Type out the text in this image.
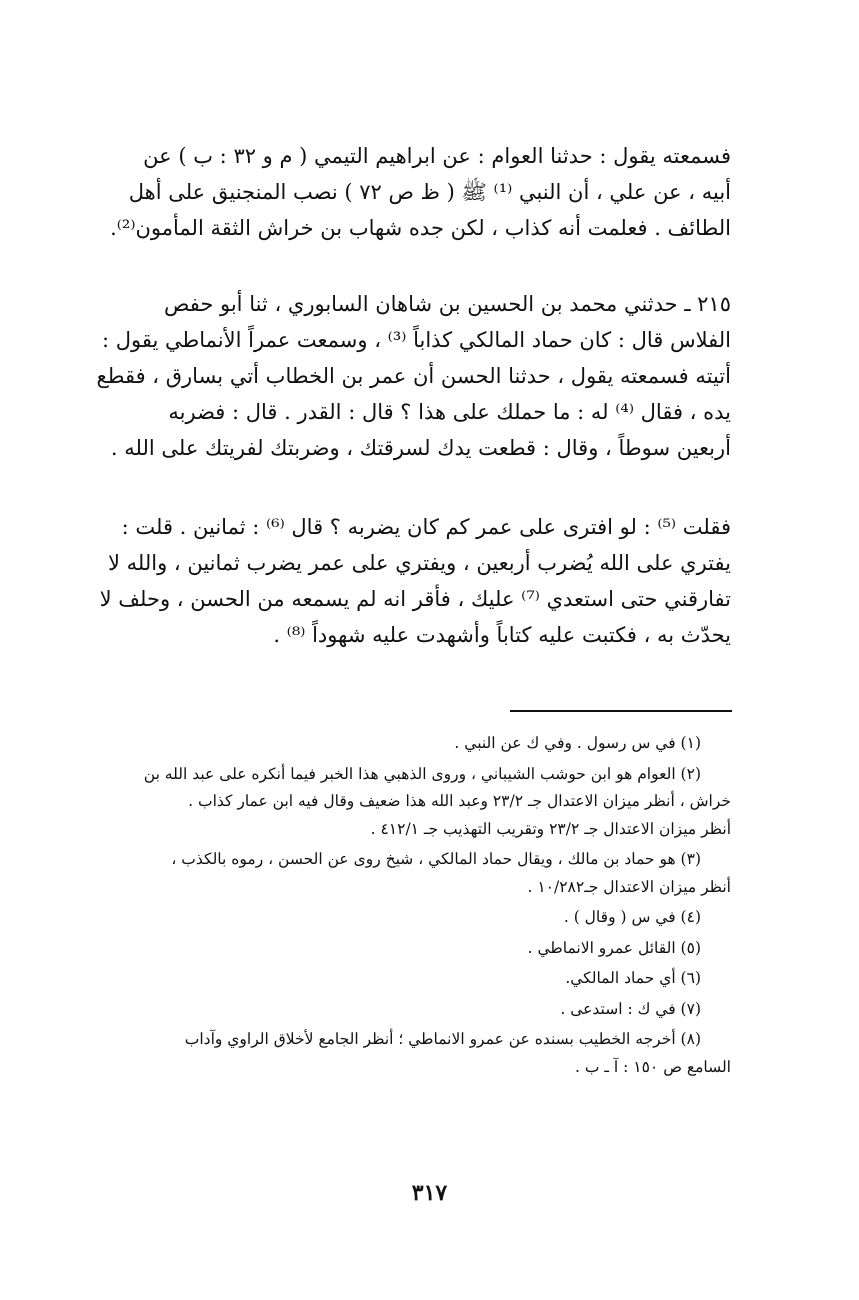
فسمعته يقول : حدثنا العوام : عن ابراهيم التيمي ( م و ٣٢ : ب ) عن
أبيه ، عن علي ، أن النبي ⁽¹⁾ ﷺ ( ظ ص ٧٢ ) نصب المنجنيق على أهل
الطائف . فعلمت أنه كذاب ، لكن جده شهاب بن خراش الثقة المأمون⁽²⁾.
٢١٥ ـ حدثني محمد بن الحسين بن شاهان السابوري ، ثنا أبو حفص
الفلاس قال : كان حماد المالكي كذاباً ⁽³⁾ ، وسمعت عمراً الأنماطي يقول :
أتيته فسمعته يقول ، حدثنا الحسن أن عمر بن الخطاب أتي بسارق ، فقطع
يده ، فقال ⁽⁴⁾ له : ما حملك على هذا ؟ قال : القدر . قال : فضربه
أربعين سوطاً ، وقال : قطعت يدك لسرقتك ، وضربتك لفريتك على الله .
فقلت ⁽⁵⁾ : لو افترى على عمر كم كان يضربه ؟ قال ⁽⁶⁾ : ثمانين . قلت :
يفتري على الله يُضرب أربعين ، ويفتري على عمر يضرب ثمانين ، والله لا
تفارقني حتى استعدي ⁽⁷⁾ عليك ، فأقر انه لم يسمعه من الحسن ، وحلف لا
يحدّث به ، فكتبت عليه كتاباً وأشهدت عليه شهوداً ⁽⁸⁾ .
(١) في س رسول . وفي ك عن النبي .
(٢) العوام هو ابن حوشب الشيباني ، وروى الذهبي هذا الخبر فيما أنكره على عبد الله بن
خراش ، أنظر ميزان الاعتدال جـ ٢٣/٢ وعبد الله هذا ضعيف وقال فيه ابن عمار كذاب .
أنظر ميزان الاعتدال جـ ٢٣/٢ وتقريب التهذيب جـ ٤١٢/١ .
(٣) هو حماد بن مالك ، ويقال حماد المالكي ، شيخ روى عن الحسن ، رموه بالكذب ،
أنظر ميزان الاعتدال جـ١٠/٢٨٢ .
(٤) في س ( وقال ) .
(٥) القائل عمرو الانماطي .
(٦) أي حماد المالكي.
(٧) في ك : استدعى .
(٨) أخرجه الخطيب بسنده عن عمرو الانماطي ؛ أنظر الجامع لأخلاق الراوي وآداب
السامع ص ١٥٠ : آ ـ ب .
٣١٧
